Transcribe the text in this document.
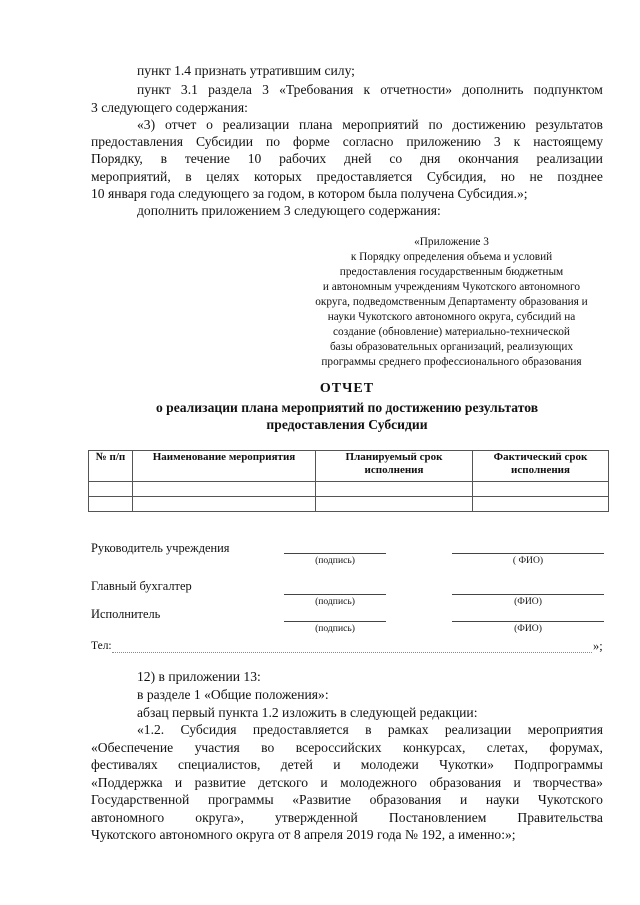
пункт 1.4 признать утратившим силу;
пункт 3.1 раздела 3 «Требования к отчетности» дополнить подпунктом
3 следующего содержания:
«3) отчет о реализации плана мероприятий по достижению результатов
предоставления Субсидии по форме согласно приложению 3 к настоящему
Порядку, в течение 10 рабочих дней со дня окончания реализации
мероприятий, в целях которых предоставляется Субсидия, но не позднее
10 января года следующего за годом, в котором была получена Субсидия.»;
дополнить приложением 3 следующего содержания:
«Приложение 3
к Порядку определения объема и условий
предоставления государственным бюджетным
и автономным учреждениям Чукотского автономного
округа, подведомственным Департаменту образования и
науки Чукотского автономного округа, субсидий на
создание (обновление) материально-технической
базы образовательных организаций, реализующих
программы среднего профессионального образования
ОТЧЕТ
о реализации плана мероприятий по достижению результатов
предоставления Субсидии
№ п/п	Наименование мероприятия	Планируемый срок исполнения	Фактический срок исполнения

Руководитель учреждения
(подпись)	( ФИО)
Главный бухгалтер
(подпись)	(ФИО)
Исполнитель
(подпись)	(ФИО)
Тел:	»;
12) в приложении 13:
в разделе 1 «Общие положения»:
абзац первый пункта 1.2 изложить в следующей редакции:
«1.2. Субсидия предоставляется в рамках реализации мероприятия
«Обеспечение участия во всероссийских конкурсах, слетах, форумах,
фестивалях специалистов, детей и молодежи Чукотки» Подпрограммы
«Поддержка и развитие детского и молодежного образования и творчества»
Государственной программы «Развитие образования и науки Чукотского
автономного округа», утвержденной Постановлением Правительства
Чукотского автономного округа от 8 апреля 2019 года № 192, а именно:»;
